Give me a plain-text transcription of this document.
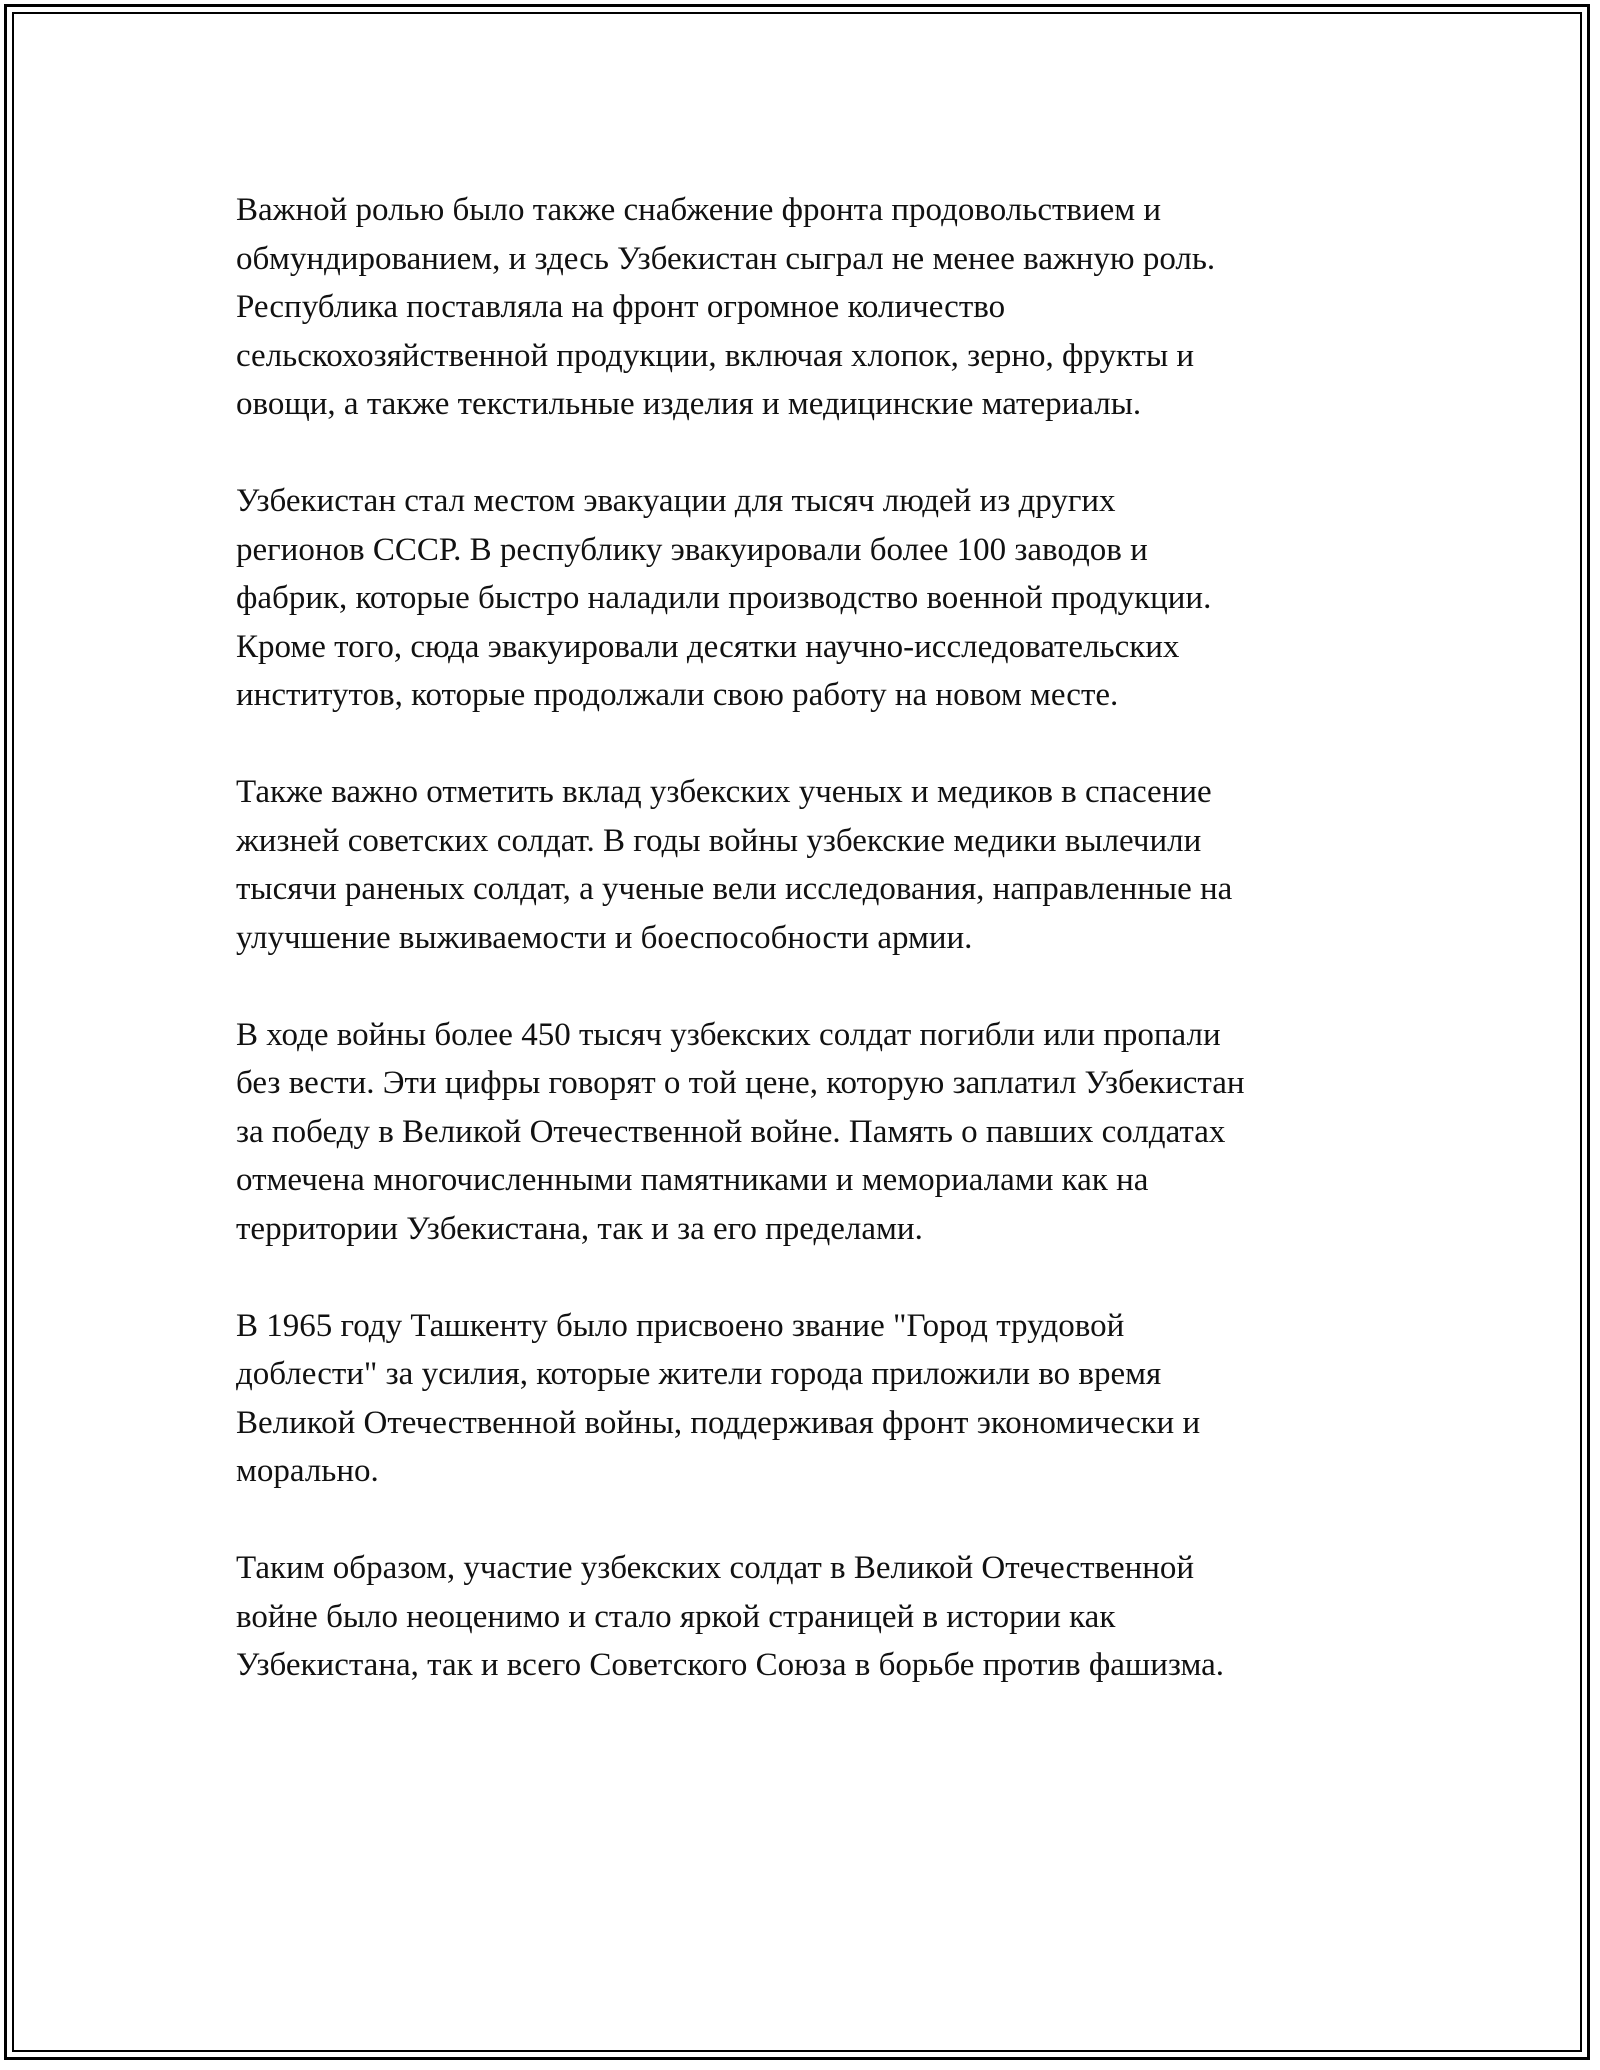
Важной ролью было также снабжение фронта продовольствием и
обмундированием, и здесь Узбекистан сыграл не менее важную роль.
Республика поставляла на фронт огромное количество
сельскохозяйственной продукции, включая хлопок, зерно, фрукты и
овощи, а также текстильные изделия и медицинские материалы.

Узбекистан стал местом эвакуации для тысяч людей из других
регионов СССР. В республику эвакуировали более 100 заводов и
фабрик, которые быстро наладили производство военной продукции.
Кроме того, сюда эвакуировали десятки научно-исследовательских
институтов, которые продолжали свою работу на новом месте.

Также важно отметить вклад узбекских ученых и медиков в спасение
жизней советских солдат. В годы войны узбекские медики вылечили
тысячи раненых солдат, а ученые вели исследования, направленные на
улучшение выживаемости и боеспособности армии.

В ходе войны более 450 тысяч узбекских солдат погибли или пропали
без вести. Эти цифры говорят о той цене, которую заплатил Узбекистан
за победу в Великой Отечественной войне. Память о павших солдатах
отмечена многочисленными памятниками и мемориалами как на
территории Узбекистана, так и за его пределами.

В 1965 году Ташкенту было присвоено звание "Город трудовой
доблести" за усилия, которые жители города приложили во время
Великой Отечественной войны, поддерживая фронт экономически и
морально.

Таким образом, участие узбекских солдат в Великой Отечественной
войне было неоценимо и стало яркой страницей в истории как
Узбекистана, так и всего Советского Союза в борьбе против фашизма.
